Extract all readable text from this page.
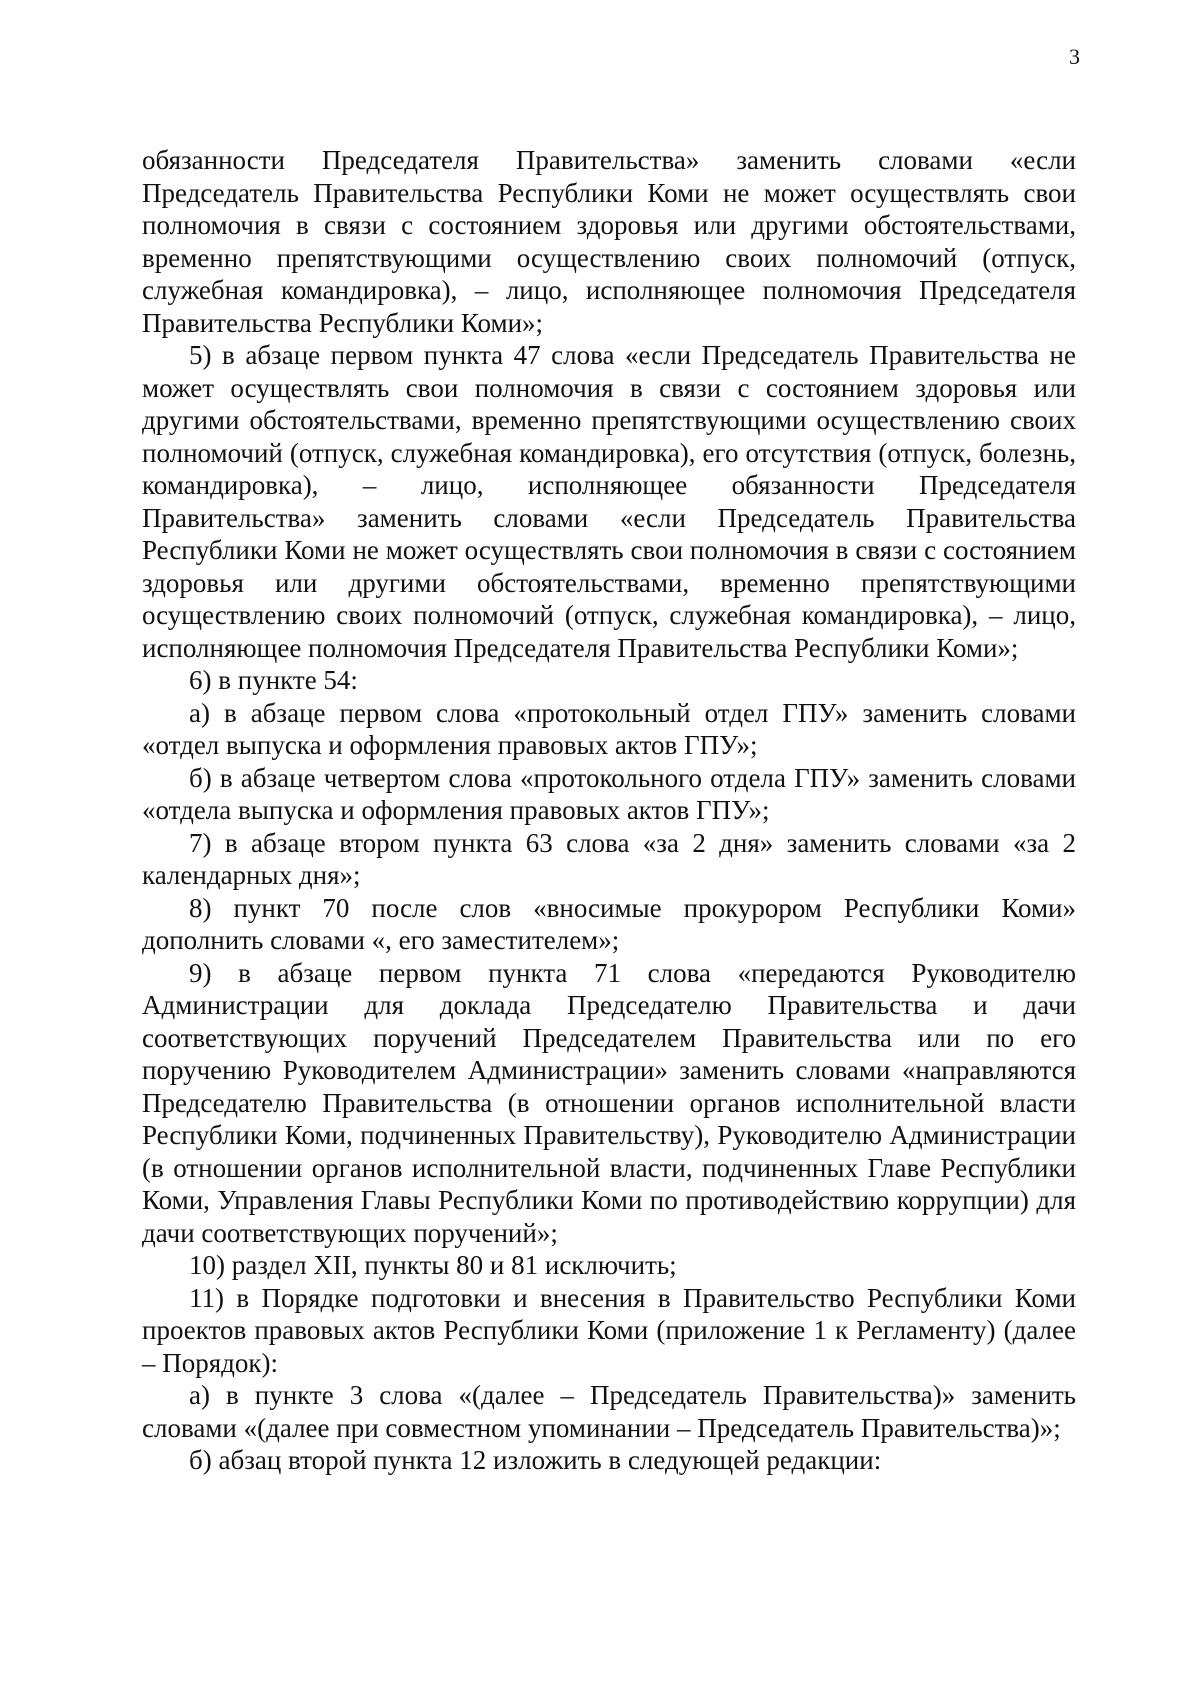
3

обязанности Председателя Правительства» заменить словами «если Председатель Правительства Республики Коми не может осуществлять свои полномочия в связи с состоянием здоровья или другими обстоятельствами, временно препятствующими осуществлению своих полномочий (отпуск, служебная командировка), – лицо, исполняющее полномочия Председателя Правительства Республики Коми»;

5) в абзаце первом пункта 47 слова «если Председатель Правительства не может осуществлять свои полномочия в связи с состоянием здоровья или другими обстоятельствами, временно препятствующими осуществлению своих полномочий (отпуск, служебная командировка), его отсутствия (отпуск, болезнь, командировка), – лицо, исполняющее обязанности Председателя Правительства» заменить словами «если Председатель Правительства Республики Коми не может осуществлять свои полномочия в связи с состоянием здоровья или другими обстоятельствами, временно препятствующими осуществлению своих полномочий (отпуск, служебная командировка), – лицо, исполняющее полномочия Председателя Правительства Республики Коми»;

6) в пункте 54:

а) в абзаце первом слова «протокольный отдел ГПУ» заменить словами «отдел выпуска и оформления правовых актов ГПУ»;

б) в абзаце четвертом слова «протокольного отдела ГПУ» заменить словами «отдела выпуска и оформления правовых актов ГПУ»;

7) в абзаце втором пункта 63 слова «за 2 дня» заменить словами «за 2 календарных дня»;

8) пункт 70 после слов «вносимые прокурором Республики Коми» дополнить словами «, его заместителем»;

9) в абзаце первом пункта 71 слова «передаются Руководителю Администрации для доклада Председателю Правительства и дачи соответствующих поручений Председателем Правительства или по его поручению Руководителем Администрации» заменить словами «направляются Председателю Правительства (в отношении органов исполнительной власти Республики Коми, подчиненных Правительству), Руководителю Администрации (в отношении органов исполнительной власти, подчиненных Главе Республики Коми, Управления Главы Республики Коми по противодействию коррупции) для дачи соответствующих поручений»;

10) раздел XII, пункты 80 и 81 исключить;

11) в Порядке подготовки и внесения в Правительство Республики Коми проектов правовых актов Республики Коми (приложение 1 к Регламенту) (далее – Порядок):

а) в пункте 3 слова «(далее – Председатель Правительства)» заменить словами «(далее при совместном упоминании – Председатель Правительства)»;

б) абзац второй пункта 12 изложить в следующей редакции:
